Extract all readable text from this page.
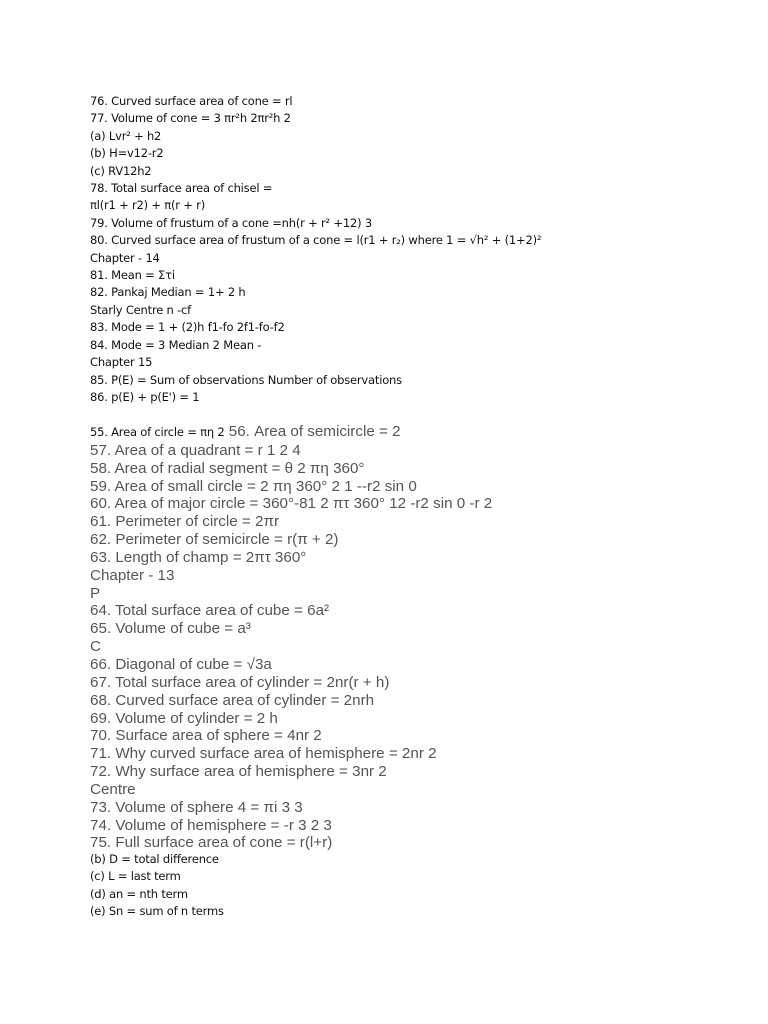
76. Curved surface area of cone = rl
77. Volume of cone = 3 πr²h 2πr²h 2
(a) Lvr² + h2
(b) H=v12-r2
(c) RV12h2
78. Total surface area of chisel =
πl(r1 + r2) + π(r + r)
79. Volume of frustum of a cone =nh(r + r² +12) 3
80. Curved surface area of frustum of a cone = l(r1 + r₂) where 1 = √h² + (1+2)²
Chapter - 14
81. Mean = Στi
82. Pankaj Median = 1+ 2 h
Starly Centre n -cf
83. Mode = 1 + (2)h f1-fo 2f1-fo-f2
84. Mode = 3 Median 2 Mean -
Chapter 15
85. P(E) = Sum of observations Number of observations
86. p(E) + p(E') = 1
55. Area of circle = πη 2 56. Area of semicircle = 2
57. Area of a quadrant = r 1 2 4
58. Area of radial segment = θ 2 πη 360°
59. Area of small circle = 2 πη 360° 2 1 --r2 sin 0
60. Area of major circle = 360°-81 2 πτ 360° 12 -r2 sin 0 -r 2
61. Perimeter of circle = 2πr
62. Perimeter of semicircle = r(π + 2)
63. Length of champ = 2πτ 360°
Chapter - 13
P
64. Total surface area of cube = 6a²
65. Volume of cube = a³
C
66. Diagonal of cube = √3a
67. Total surface area of cylinder = 2nr(r + h)
68. Curved surface area of cylinder = 2nrh
69. Volume of cylinder = 2 h
70. Surface area of sphere = 4nr 2
71. Why curved surface area of hemisphere = 2nr 2
72. Why surface area of hemisphere = 3nr 2
Centre
73. Volume of sphere 4 = πi 3 3
74. Volume of hemisphere = -r 3 2 3
75. Full surface area of cone = r(l+r)
(b) D = total difference
(c) L = last term
(d) an = nth term
(e) Sn = sum of n terms
